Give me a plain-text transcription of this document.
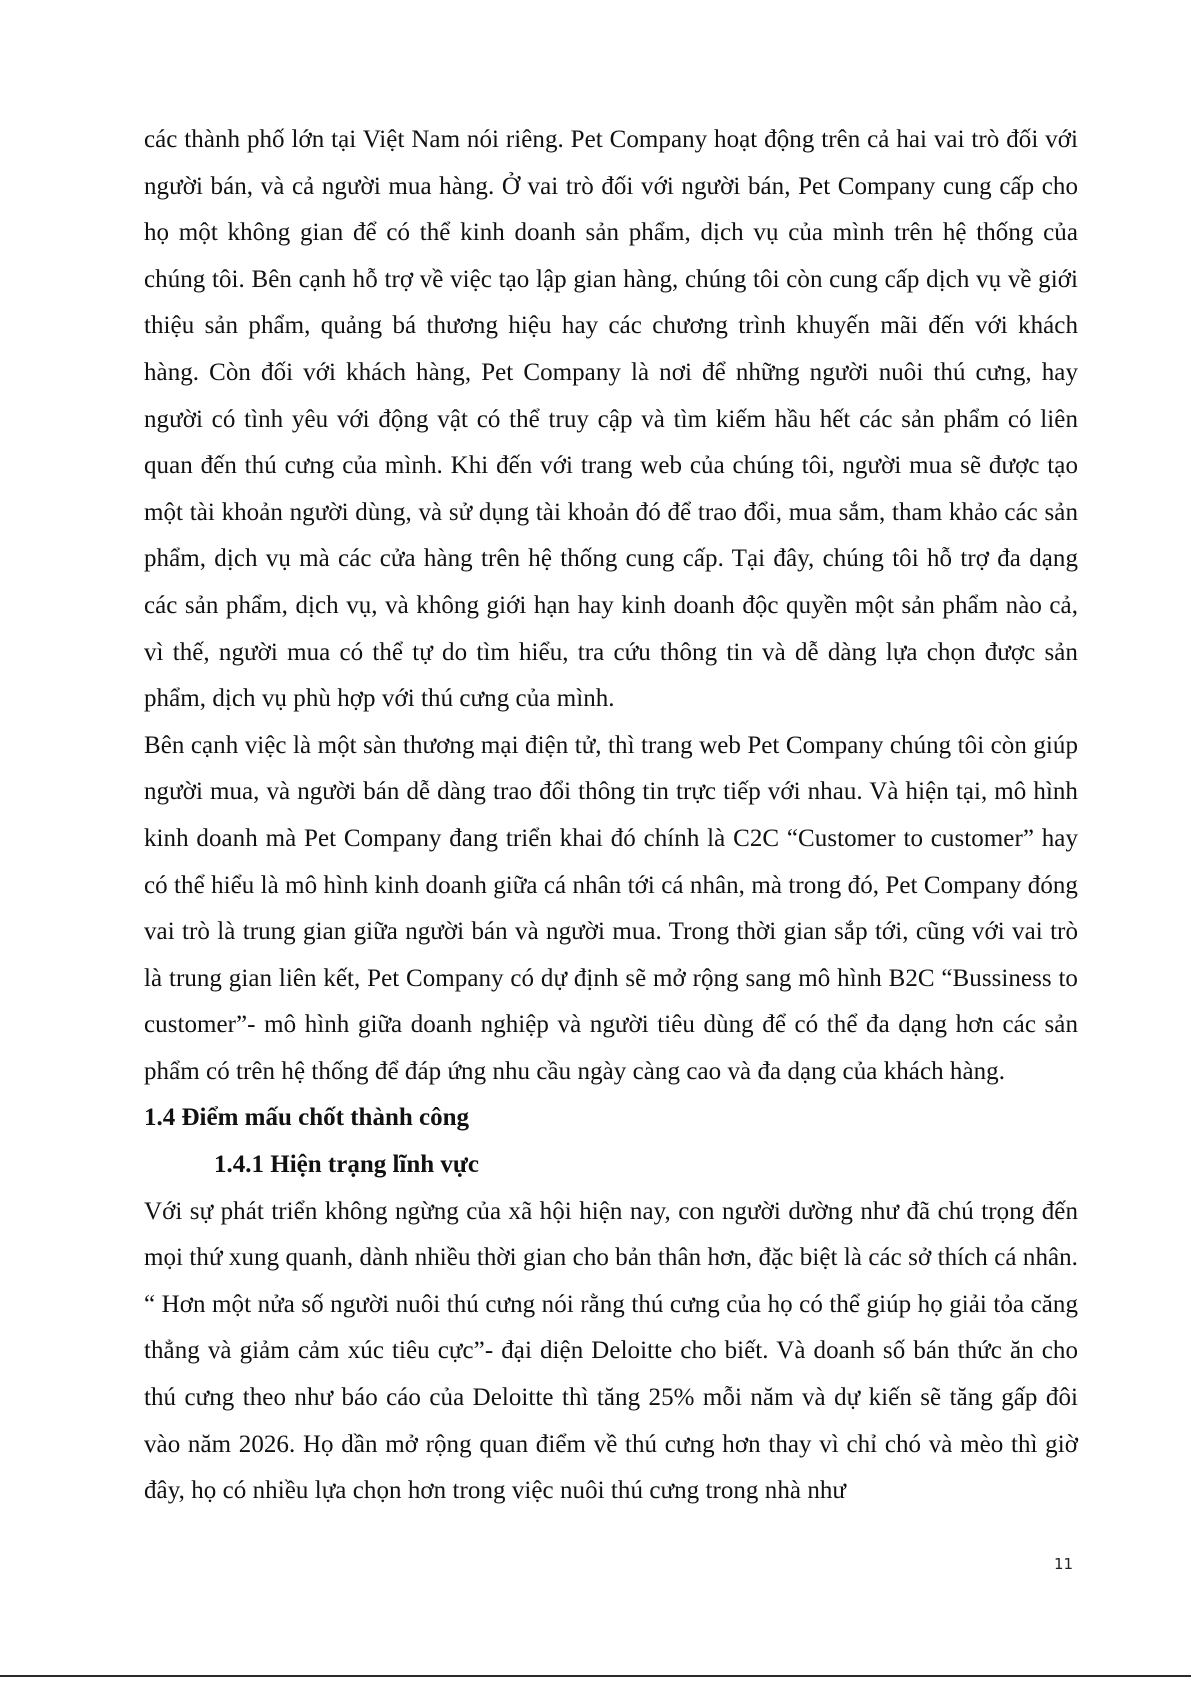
các thành phố lớn tại Việt Nam nói riêng. Pet Company hoạt động trên cả hai vai trò đối với người bán, và cả người mua hàng. Ở vai trò đối với người bán, Pet Company cung cấp cho họ một không gian để có thể kinh doanh sản phẩm, dịch vụ của mình trên hệ thống của chúng tôi. Bên cạnh hỗ trợ về việc tạo lập gian hàng, chúng tôi còn cung cấp dịch vụ về giới thiệu sản phẩm, quảng bá thương hiệu hay các chương trình khuyến mãi đến với khách hàng. Còn đối với khách hàng, Pet Company là nơi để những người nuôi thú cưng, hay người có tình yêu với động vật có thể truy cập và tìm kiếm hầu hết các sản phẩm có liên quan đến thú cưng của mình. Khi đến với trang web của chúng tôi, người mua sẽ được tạo một tài khoản người dùng, và sử dụng tài khoản đó để trao đổi, mua sắm, tham khảo các sản phẩm, dịch vụ mà các cửa hàng trên hệ thống cung cấp. Tại đây, chúng tôi hỗ trợ đa dạng các sản phẩm, dịch vụ, và không giới hạn hay kinh doanh độc quyền một sản phẩm nào cả, vì thế, người mua có thể tự do tìm hiểu, tra cứu thông tin và dễ dàng lựa chọn được sản phẩm, dịch vụ phù hợp với thú cưng của mình.

Bên cạnh việc là một sàn thương mại điện tử, thì trang web Pet Company chúng tôi còn giúp người mua, và người bán dễ dàng trao đổi thông tin trực tiếp với nhau. Và hiện tại, mô hình kinh doanh mà Pet Company đang triển khai đó chính là C2C “Customer to customer” hay có thể hiểu là mô hình kinh doanh giữa cá nhân tới cá nhân, mà trong đó, Pet Company đóng vai trò là trung gian giữa người bán và người mua. Trong thời gian sắp tới, cũng với vai trò là trung gian liên kết, Pet Company có dự định sẽ mở rộng sang mô hình B2C “Bussiness to customer”- mô hình giữa doanh nghiệp và người tiêu dùng để có thể đa dạng hơn các sản phẩm có trên hệ thống để đáp ứng nhu cầu ngày càng cao và đa dạng của khách hàng.

1.4 Điểm mấu chốt thành công
1.4.1 Hiện trạng lĩnh vực

Với sự phát triển không ngừng của xã hội hiện nay, con người dường như đã chú trọng đến mọi thứ xung quanh, dành nhiều thời gian cho bản thân hơn, đặc biệt là các sở thích cá nhân. “ Hơn một nửa số người nuôi thú cưng nói rằng thú cưng của họ có thể giúp họ giải tỏa căng thẳng và giảm cảm xúc tiêu cực”- đại diện Deloitte cho biết. Và doanh số bán thức ăn cho thú cưng theo như báo cáo của Deloitte thì tăng 25% mỗi năm và dự kiến sẽ tăng gấp đôi vào năm 2026. Họ dần mở rộng quan điểm về thú cưng hơn thay vì chỉ chó và mèo thì giờ đây, họ có nhiều lựa chọn hơn trong việc nuôi thú cưng trong nhà như

11
